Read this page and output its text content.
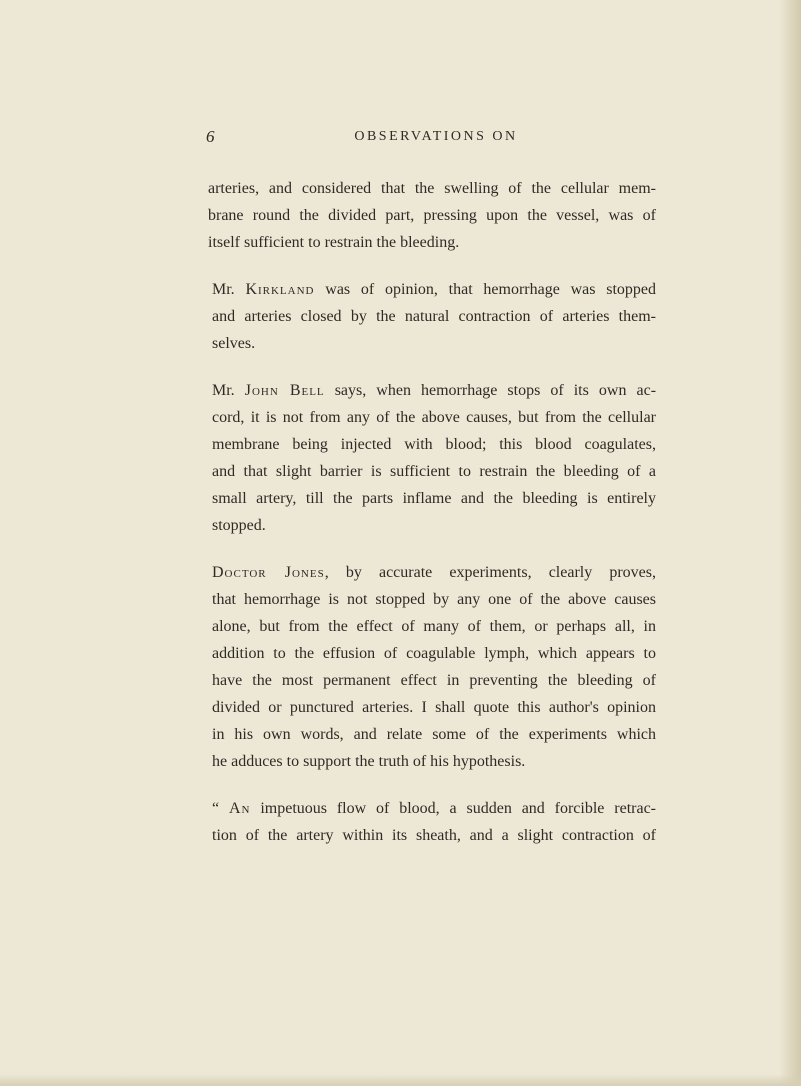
6	OBSERVATIONS ON

arteries, and considered that the swelling of the cellular mem-
brane round the divided part, pressing upon the vessel, was of
itself sufficient to restrain the bleeding.

Mr. Kirkland was of opinion, that hemorrhage was stopped
and arteries closed by the natural contraction of arteries them-
selves.

Mr. John Bell says, when hemorrhage stops of its own ac-
cord, it is not from any of the above causes, but from the cellular
membrane being injected with blood; this blood coagulates,
and that slight barrier is sufficient to restrain the bleeding of a
small artery, till the parts inflame and the bleeding is entirely
stopped.

Doctor Jones, by accurate experiments, clearly proves,
that hemorrhage is not stopped by any one of the above causes
alone, but from the effect of many of them, or perhaps all, in
addition to the effusion of coagulable lymph, which appears to
have the most permanent effect in preventing the bleeding of
divided or punctured arteries. I shall quote this author's opinion
in his own words, and relate some of the experiments which
he adduces to support the truth of his hypothesis.

“ An impetuous flow of blood, a sudden and forcible retrac-
tion of the artery within its sheath, and a slight contraction of
